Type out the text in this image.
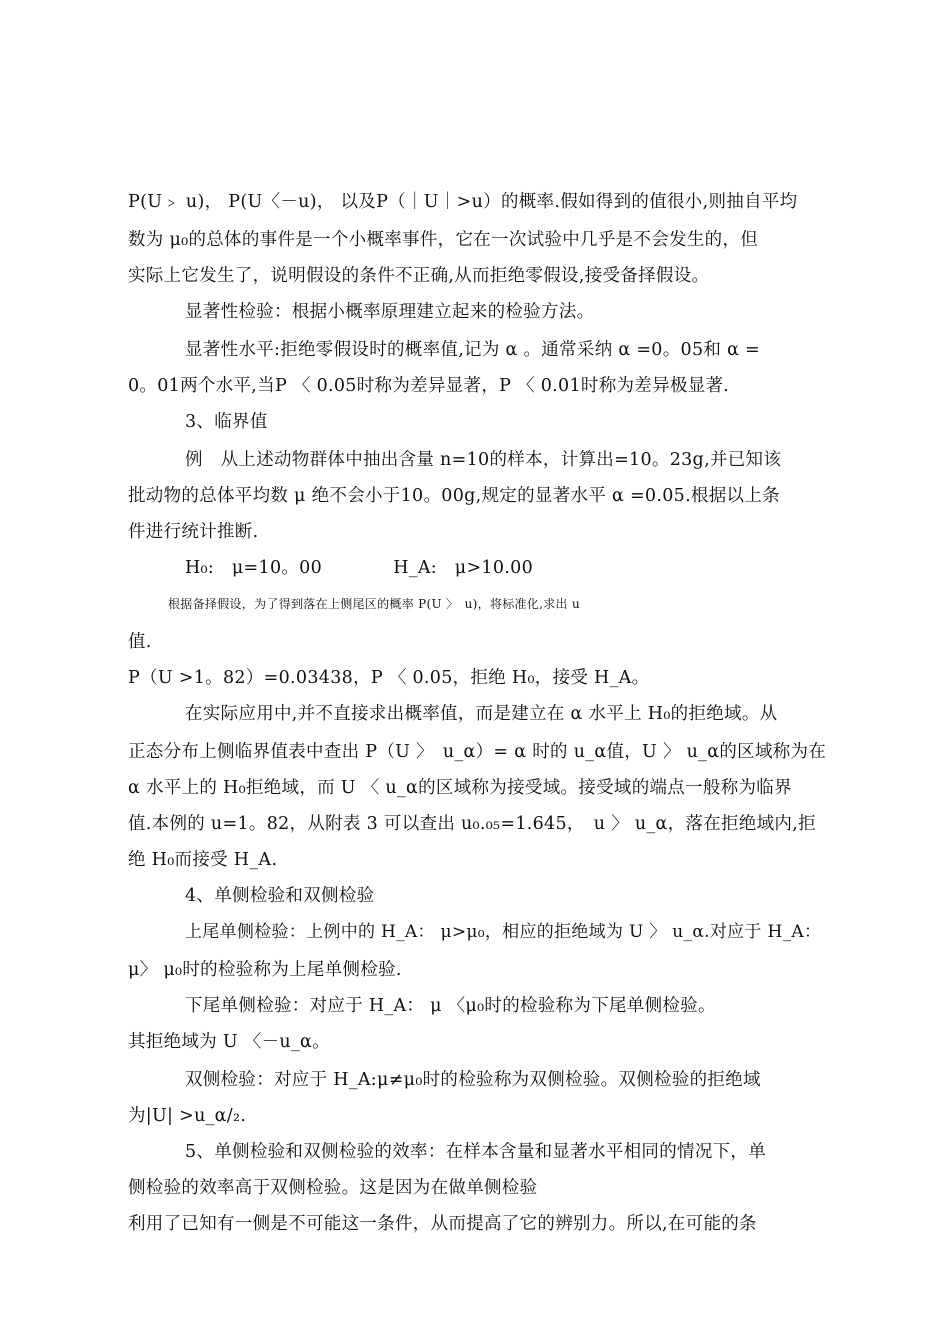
P(U﹥ u)， P(U〈－u)， 以及P（｜U｜>u）的概率.假如得到的值很小,则抽自平均
数为 μ₀的总体的事件是一个小概率事件，它在一次试验中几乎是不会发生的，但
实际上它发生了，说明假设的条件不正确,从而拒绝零假设,接受备择假设。
显著性检验：根据小概率原理建立起来的检验方法。
显著性水平:拒绝零假设时的概率值,记为 α 。通常采纳 α =0。05和 α =
0。01两个水平,当P 〈 0.05时称为差异显著，P 〈 0.01时称为差异极显著.
3、临界值
例　从上述动物群体中抽出含量 n=10的样本，计算出=10。23g,并已知该
批动物的总体平均数 μ 绝不会小于10。00g,规定的显著水平 α =0.05.根据以上条
件进行统计推断.
H₀:　μ=10。00　　　　H_A:　μ>10.00
根据备择假设，为了得到落在上侧尾区的概率 P(U 〉　u)，将标准化,求出 u
值.
P（U >1。82）=0.03438，P 〈 0.05，拒绝 H₀，接受 H_A。
在实际应用中,并不直接求出概率值，而是建立在 α 水平上 H₀的拒绝域。从
正态分布上侧临界值表中查出 P（U 〉　u_α）= α 时的 u_α值，U 〉 u_α的区域称为在
α 水平上的 H₀拒绝域，而 U 〈 u_α的区域称为接受域。接受域的端点一般称为临界
值.本例的 u=1。82，从附表 3 可以查出 u₀.₀₅=1.645，　u 〉 u_α，落在拒绝域内,拒
绝 H₀而接受 H_A.
4、单侧检验和双侧检验
上尾单侧检验：上例中的 H_A： μ>μ₀，相应的拒绝域为 U 〉 u_α.对应于 H_A：
μ〉 μ₀时的检验称为上尾单侧检验.
下尾单侧检验：对应于 H_A： μ 〈μ₀时的检验称为下尾单侧检验。
其拒绝域为 U 〈－u_α。
双侧检验：对应于 H_A:μ≠μ₀时的检验称为双侧检验。双侧检验的拒绝域
为|U| >u_α/₂.
5、单侧检验和双侧检验的效率：在样本含量和显著水平相同的情况下，单
侧检验的效率高于双侧检验。这是因为在做单侧检验
利用了已知有一侧是不可能这一条件，从而提高了它的辨别力。所以,在可能的条
